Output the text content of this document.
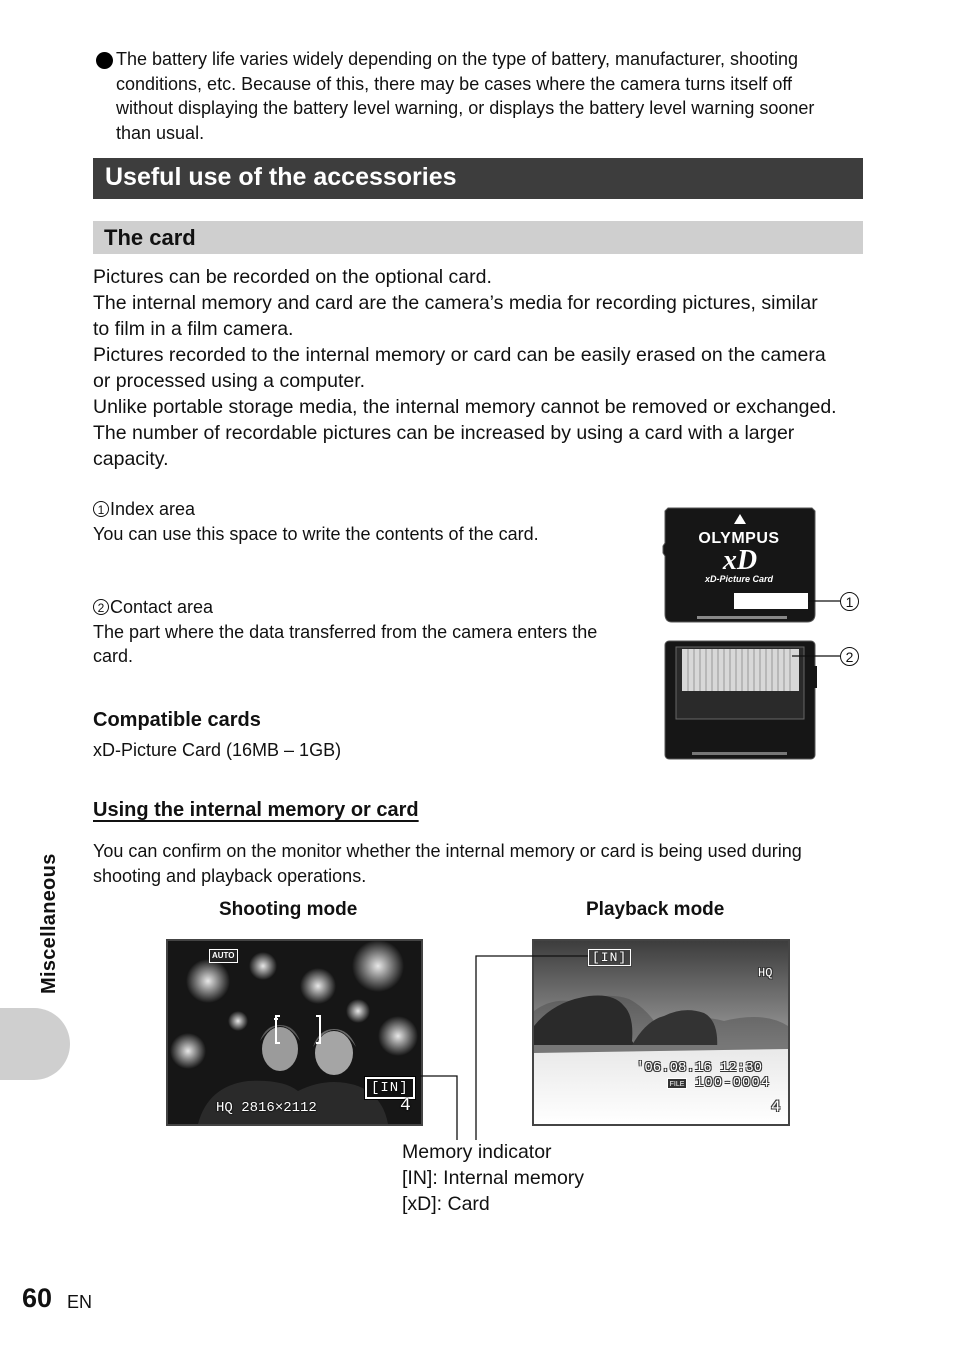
The battery life varies widely depending on the type of battery, manufacturer, shooting

conditions, etc. Because of this, there may be cases where the camera turns itself off

without displaying the battery level warning, or displays the battery level warning sooner

than usual.

Useful use of the accessories
The card

Pictures can be recorded on the optional card.

The internal memory and card are the camera’s media for recording pictures, similar

to film in a film camera.

Pictures recorded to the internal memory or card can be easily erased on the camera

or processed using a computer.

Unlike portable storage media, the internal memory cannot be removed or exchanged.

The number of recordable pictures can be increased by using a card with a larger

capacity.

1 Index area
You can use this space to write the contents of the card.
2 Contact area
The part where the data transferred from the camera enters the
card.
Compatible cards
xD-Picture Card (16MB – 1GB)
OLYMPUS
xD
xD-Picture Card
1
2
Using the internal memory or card
You can confirm on the monitor whether the internal memory or card is being used during
shooting and playback operations.
Shooting mode	Playback mode
AUTO
[IN]
HQ 2816×2112	4
[IN]
HQ
'06.08.16 12:30
FILE 100-0004
4
Memory indicator
[IN]: Internal memory
[xD]: Card
Miscellaneous
60 EN
